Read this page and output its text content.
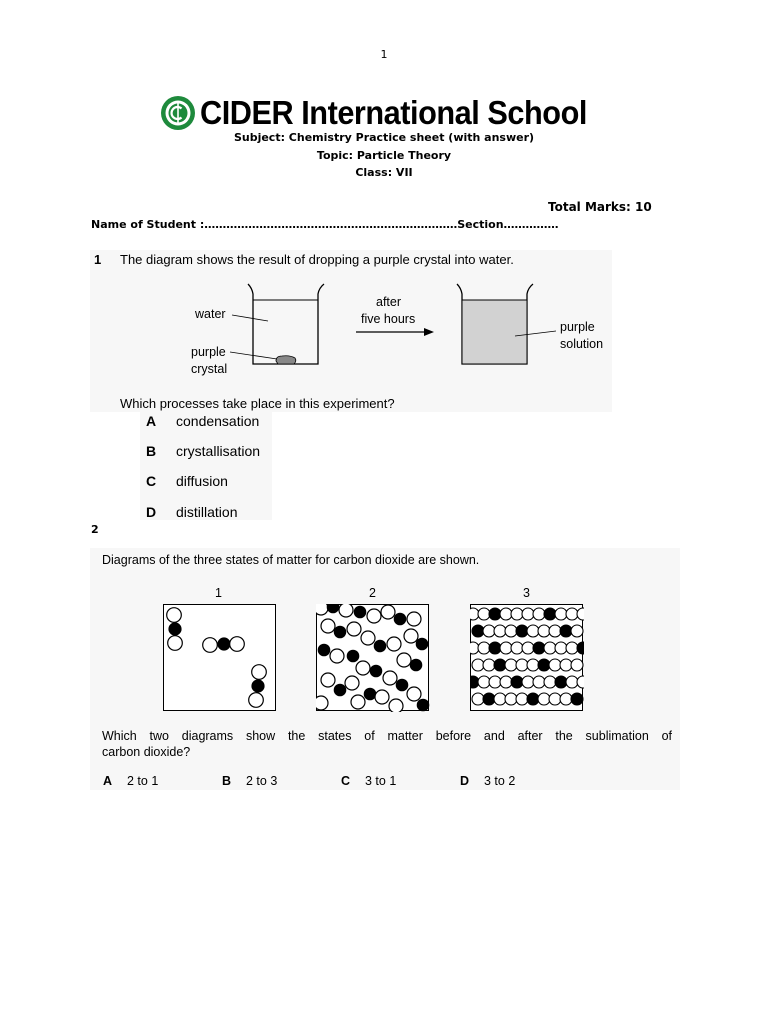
1
CIDER International School
Subject: Chemistry Practice sheet (with answer)
Topic: Particle Theory
Class: VII
Total Marks: 10
Name of Student :……………………………………………………………Section……………
1 The diagram shows the result of dropping a purple crystal into water.
water
purple
crystal
after
five hours
purple
solution
Which processes take place in this experiment?
A condensation
B crystallisation
C diffusion
D distillation
2
Diagrams of the three states of matter for carbon dioxide are shown.
1	2	3
Which two diagrams show the states of matter before and after the sublimation of
carbon dioxide?
A 2 to 1	B 2 to 3	C 3 to 1	D 3 to 2
